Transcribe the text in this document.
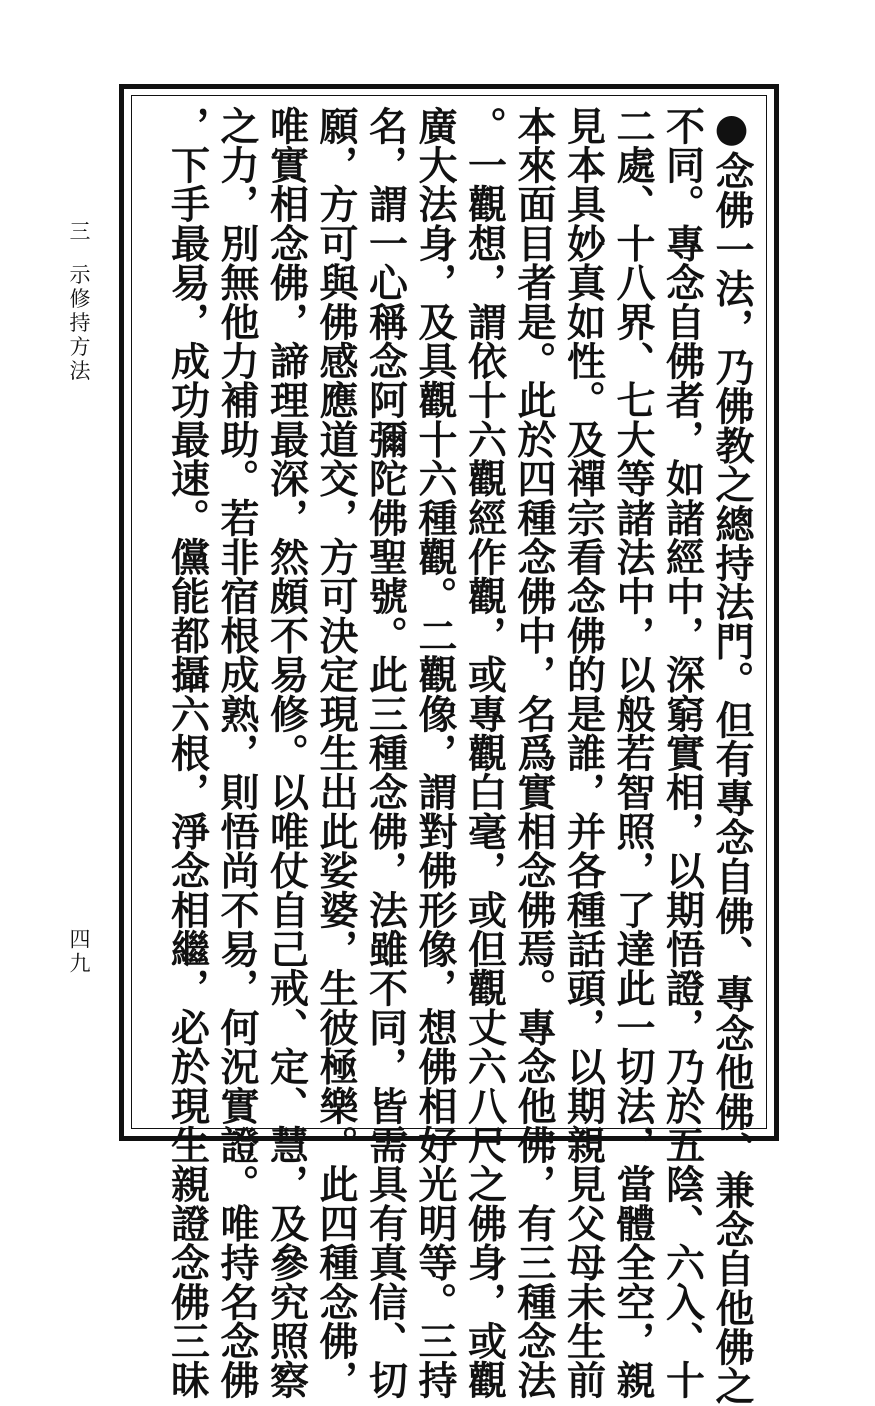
三 示修持方法
四九	●念佛一法，乃佛教之總持法門。但有專念自佛、專念他佛、兼念自他佛之
不同。專念自佛者，如諸經中，深窮實相，以期悟證，乃於五陰、六入、十
二處、十八界、七大等諸法中，以般若智照，了達此一切法，當體全空，親
見本具妙真如性。及禪宗看念佛的是誰，并各種話頭，以期親見父母未生前
本來面目者是。此於四種念佛中，名爲實相念佛焉。專念他佛，有三種念法
。一觀想，謂依十六觀經作觀，或專觀白毫，或但觀丈六八尺之佛身，或觀
廣大法身，及具觀十六種觀。二觀像，謂對佛形像，想佛相好光明等。三持
名，謂一心稱念阿彌陀佛聖號。此三種念佛，法雖不同，皆需具有真信、切
願，方可與佛感應道交，方可決定現生出此娑婆，生彼極樂。此四種念佛，
唯實相念佛，諦理最深，然頗不易修。以唯仗自己戒、定、慧，及參究照察
之力，別無他力補助。若非宿根成熟，則悟尚不易，何況實證。唯持名念佛
，下手最易，成功最速。儻能都攝六根，淨念相繼，必於現生親證念佛三昧
